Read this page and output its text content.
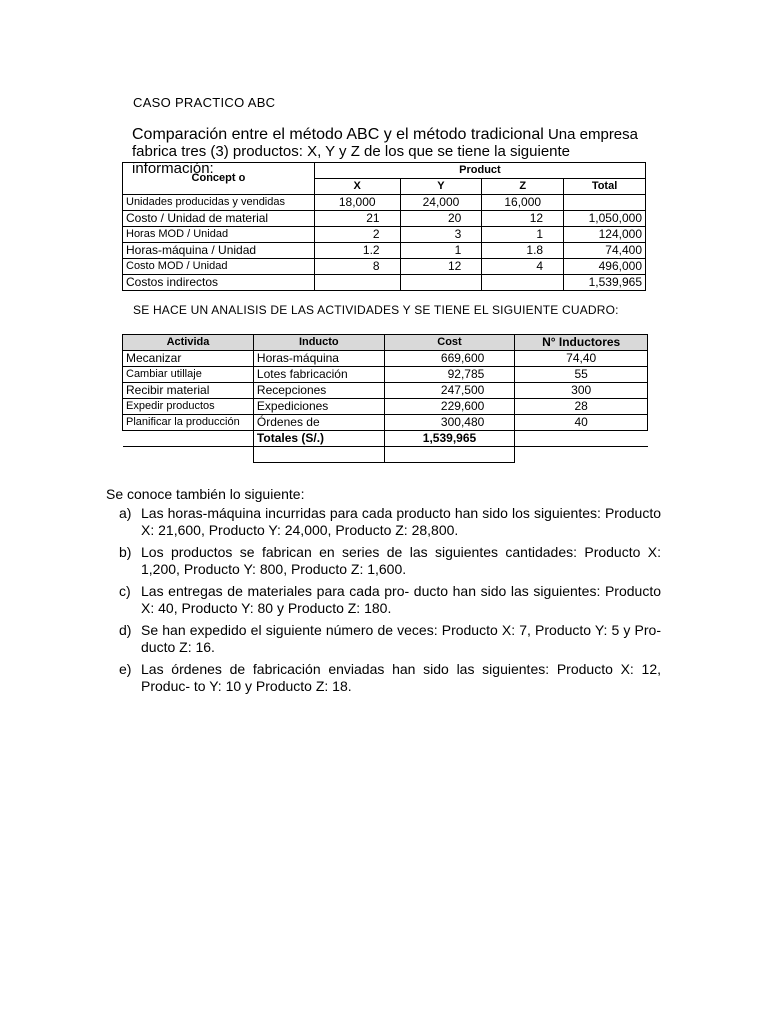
CASO PRACTICO ABC
Comparación entre el método ABC y el método tradicional Una empresa fabrica tres (3) productos: X, Y y Z de los que se tiene la siguiente información:
Concept o	Product			
	X	Y	Z	Total
Unidades producidas y vendidas	18,000	24,000	16,000	
Costo / Unidad de material	21	20	12	1,050,000
Horas MOD / Unidad	2	3	1	124,000
Horas-máquina / Unidad	1.2	1	1.8	74,400
Costo MOD / Unidad	8	12	4	496,000
Costos indirectos				1,539,965
SE HACE UN ANALISIS DE LAS ACTIVIDADES Y SE TIENE EL SIGUIENTE CUADRO:
Activida	Inducto	Cost	N° Inductores
Mecanizar	Horas-máquina	669,600	74,40
Cambiar utillaje	Lotes fabricación	92,785	55
Recibir material	Recepciones	247,500	300
Expedir productos	Expediciones	229,600	28
Planificar la producción	Órdenes de	300,480	40
	Totales (S/.)	1,539,965	

Se conoce también lo siguiente:
a) Las horas-máquina incurridas para cada producto han sido los siguientes: Producto X: 21,600, Producto Y: 24,000, Producto Z: 28,800.
b) Los productos se fabrican en series de las siguientes cantidades: Producto X: 1,200, Producto Y: 800, Producto Z: 1,600.
c) Las entregas de materiales para cada pro- ducto han sido las siguientes: Producto X: 40, Producto Y: 80 y Producto Z: 180.
d) Se han expedido el siguiente número de veces: Producto X: 7, Producto Y: 5 y Pro- ducto Z: 16.
e) Las órdenes de fabricación enviadas han sido las siguientes: Producto X: 12, Produc- to Y: 10 y Producto Z: 18.
